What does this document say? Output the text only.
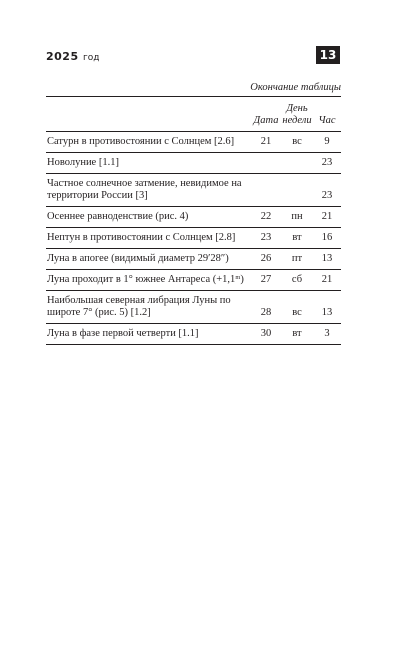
2025 год	13
Окончание таблицы
	Дата	День недели	Час
Сатурн в противостоянии с Солнцем [2.6]	21	вс	9
Новолуние [1.1]			23
Частное солнечное затмение, невидимое на территории России [3]			23
Осеннее равноденствие (рис. 4)	22	пн	21
Нептун в противостоянии с Солнцем [2.8]	23	вт	16
Луна в апогее (видимый диаметр 29′28″)	26	пт	13
Луна проходит в 1° южнее Антареса (+1,1ᵐ)	27	сб	21
Наибольшая северная либрация Луны по широте 7° (рис. 5) [1.2]	28	вс	13
Луна в фазе первой четверти [1.1]	30	вт	3
